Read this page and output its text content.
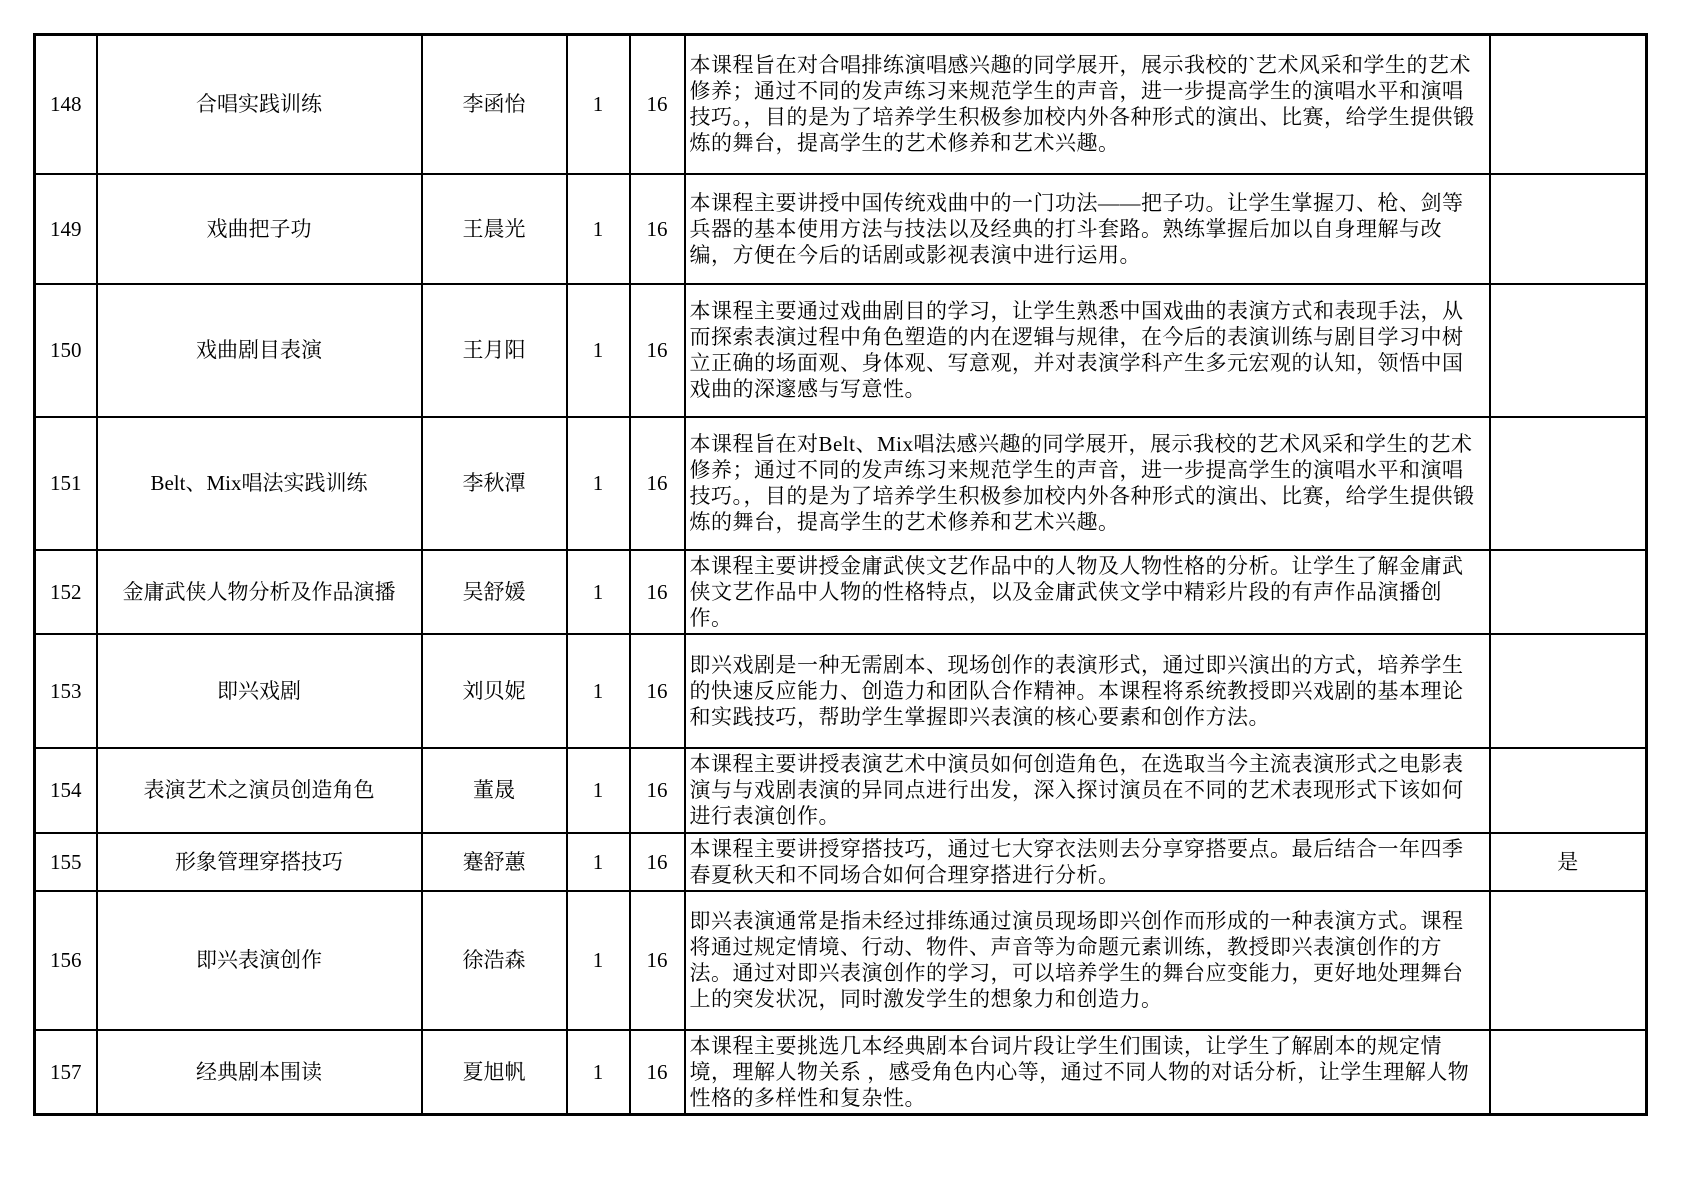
148	合唱实践训练	李函怡	1	16	本课程旨在对合唱排练演唱感兴趣的同学展开，展示我校的`艺术风采和学生的艺术修养；通过不同的发声练习来规范学生的声音，进一步提高学生的演唱水平和演唱技巧。，目的是为了培养学生积极参加校内外各种形式的演出、比赛，给学生提供锻炼的舞台，提高学生的艺术修养和艺术兴趣。	
149	戏曲把子功	王晨光	1	16	本课程主要讲授中国传统戏曲中的一门功法——把子功。让学生掌握刀、枪、剑等兵器的基本使用方法与技法以及经典的打斗套路。熟练掌握后加以自身理解与改编，方便在今后的话剧或影视表演中进行运用。	
150	戏曲剧目表演	王月阳	1	16	本课程主要通过戏曲剧目的学习，让学生熟悉中国戏曲的表演方式和表现手法，从而探索表演过程中角色塑造的内在逻辑与规律，在今后的表演训练与剧目学习中树立正确的场面观、身体观、写意观，并对表演学科产生多元宏观的认知，领悟中国戏曲的深邃感与写意性。	
151	Belt、Mix唱法实践训练	李秋潭	1	16	本课程旨在对Belt、Mix唱法感兴趣的同学展开，展示我校的艺术风采和学生的艺术修养；通过不同的发声练习来规范学生的声音，进一步提高学生的演唱水平和演唱技巧。，目的是为了培养学生积极参加校内外各种形式的演出、比赛，给学生提供锻炼的舞台，提高学生的艺术修养和艺术兴趣。	
152	金庸武侠人物分析及作品演播	吴舒媛	1	16	本课程主要讲授金庸武侠文艺作品中的人物及人物性格的分析。让学生了解金庸武侠文艺作品中人物的性格特点，以及金庸武侠文学中精彩片段的有声作品演播创作。	
153	即兴戏剧	刘贝妮	1	16	即兴戏剧是一种无需剧本、现场创作的表演形式，通过即兴演出的方式，培养学生的快速反应能力、创造力和团队合作精神。本课程将系统教授即兴戏剧的基本理论和实践技巧，帮助学生掌握即兴表演的核心要素和创作方法。	
154	表演艺术之演员创造角色	董晟	1	16	本课程主要讲授表演艺术中演员如何创造角色，在选取当今主流表演形式之电影表演与与戏剧表演的异同点进行出发，深入探讨演员在不同的艺术表现形式下该如何进行表演创作。	
155	形象管理穿搭技巧	蹇舒蕙	1	16	本课程主要讲授穿搭技巧，通过七大穿衣法则去分享穿搭要点。最后结合一年四季春夏秋天和不同场合如何合理穿搭进行分析。	是
156	即兴表演创作	徐浩森	1	16	即兴表演通常是指未经过排练通过演员现场即兴创作而形成的一种表演方式。课程将通过规定情境、行动、物件、声音等为命题元素训练，教授即兴表演创作的方法。通过对即兴表演创作的学习，可以培养学生的舞台应变能力，更好地处理舞台上的突发状况，同时激发学生的想象力和创造力。	
157	经典剧本围读	夏旭帆	1	16	本课程主要挑选几本经典剧本台词片段让学生们围读，让学生了解剧本的规定情境，理解人物关系 ，感受角色内心等，通过不同人物的对话分析，让学生理解人物性格的多样性和复杂性。	
